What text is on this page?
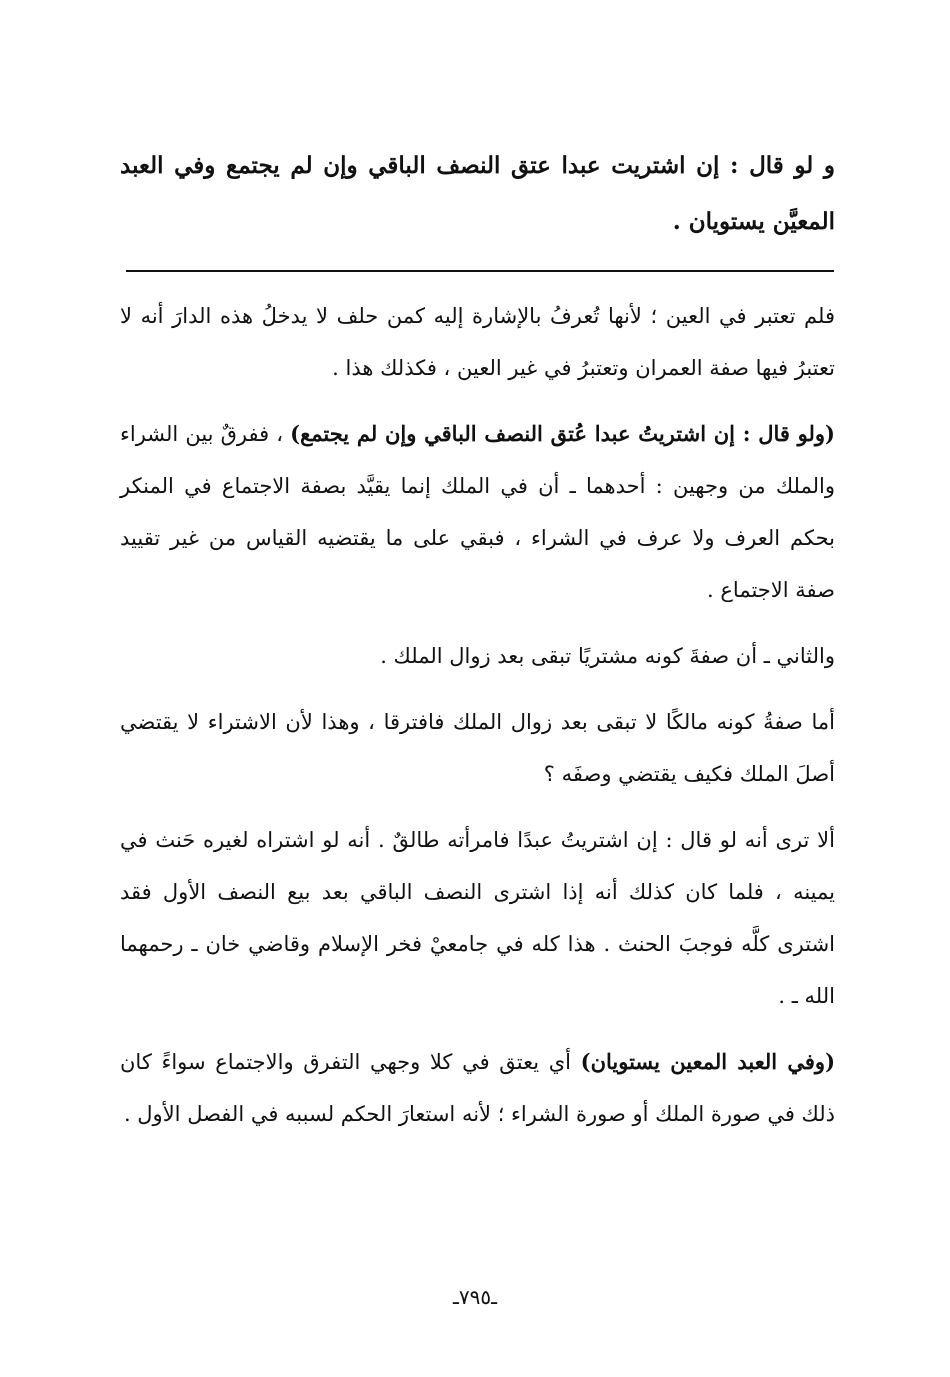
و لو قال : إن اشتريت عبدا عتق النصف الباقي وإن لم يجتمع وفي العبد المعيَّن يستويان .

فلم تعتبر في العين ؛ لأنها تُعرفُ بالإشارة إليه كمن حلف لا يدخلُ هذه الدارَ أنه لا تعتبرُ فيها صفة العمران وتعتبرُ في غير العين ، فكذلك هذا .

(ولو قال : إن اشتريتُ عبدا عُتق النصف الباقي وإن لم يجتمع) ، ففرقٌ بين الشراء والملك من وجهين : أحدهما ـ أن في الملك إنما يقيَّد بصفة الاجتماع في المنكر بحكم العرف ولا عرف في الشراء ، فبقي على ما يقتضيه القياس من غير تقييد صفة الاجتماع .

والثاني ـ أن صفةَ كونه مشتريًا تبقى بعد زوال الملك .

أما صفةُ كونه مالكًا لا تبقى بعد زوال الملك فافترقا ، وهذا لأن الاشتراء لا يقتضي أصلَ الملك فكيف يقتضي وصفَه ؟

ألا ترى أنه لو قال : إن اشتريتُ عبدًا فامرأته طالقٌ . أنه لو اشتراه لغيره حَنث في يمينه ، فلما كان كذلك أنه إذا اشترى النصف الباقي بعد بيع النصف الأول فقد اشترى كلَّه فوجبَ الحنث . هذا كله في جامعيْ فخر الإسلام وقاضي خان ـ رحمهما الله ـ .

(وفي العبد المعين يستويان) أي يعتق في كلا وجهي التفرق والاجتماع سواءً كان ذلك في صورة الملك أو صورة الشراء ؛ لأنه استعارَ الحكم لسببه في الفصل الأول .

ـ٧٩٥ـ
